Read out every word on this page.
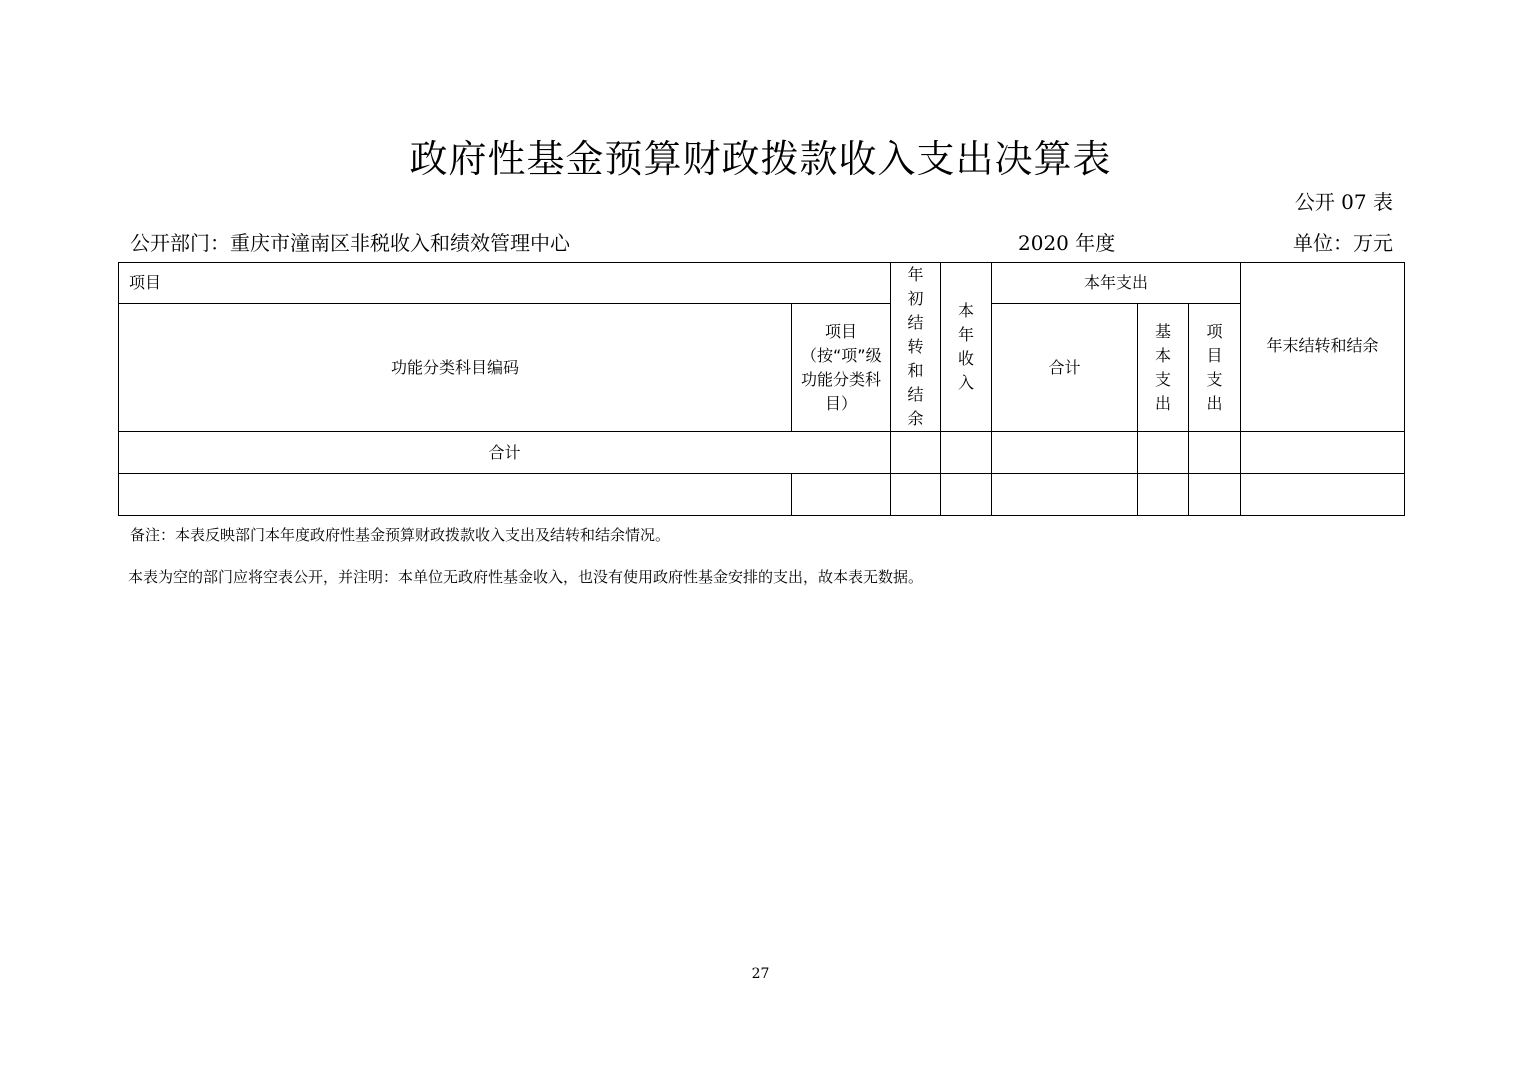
政府性基金预算财政拨款收入支出决算表
公开 07 表
公开部门：重庆市潼南区非税收入和绩效管理中心	2020 年度	单位：万元
项目		年初结转和结余	本年收入	本年支出			年末结转和结余
功能分类科目编码	项目（按“项”级功能分类科目）			合计	基本支出	项目支出	

合计							

备注：本表反映部门本年度政府性基金预算财政拨款收入支出及结转和结余情况。
本表为空的部门应将空表公开，并注明：本单位无政府性基金收入，也没有使用政府性基金安排的支出，故本表无数据。
27
